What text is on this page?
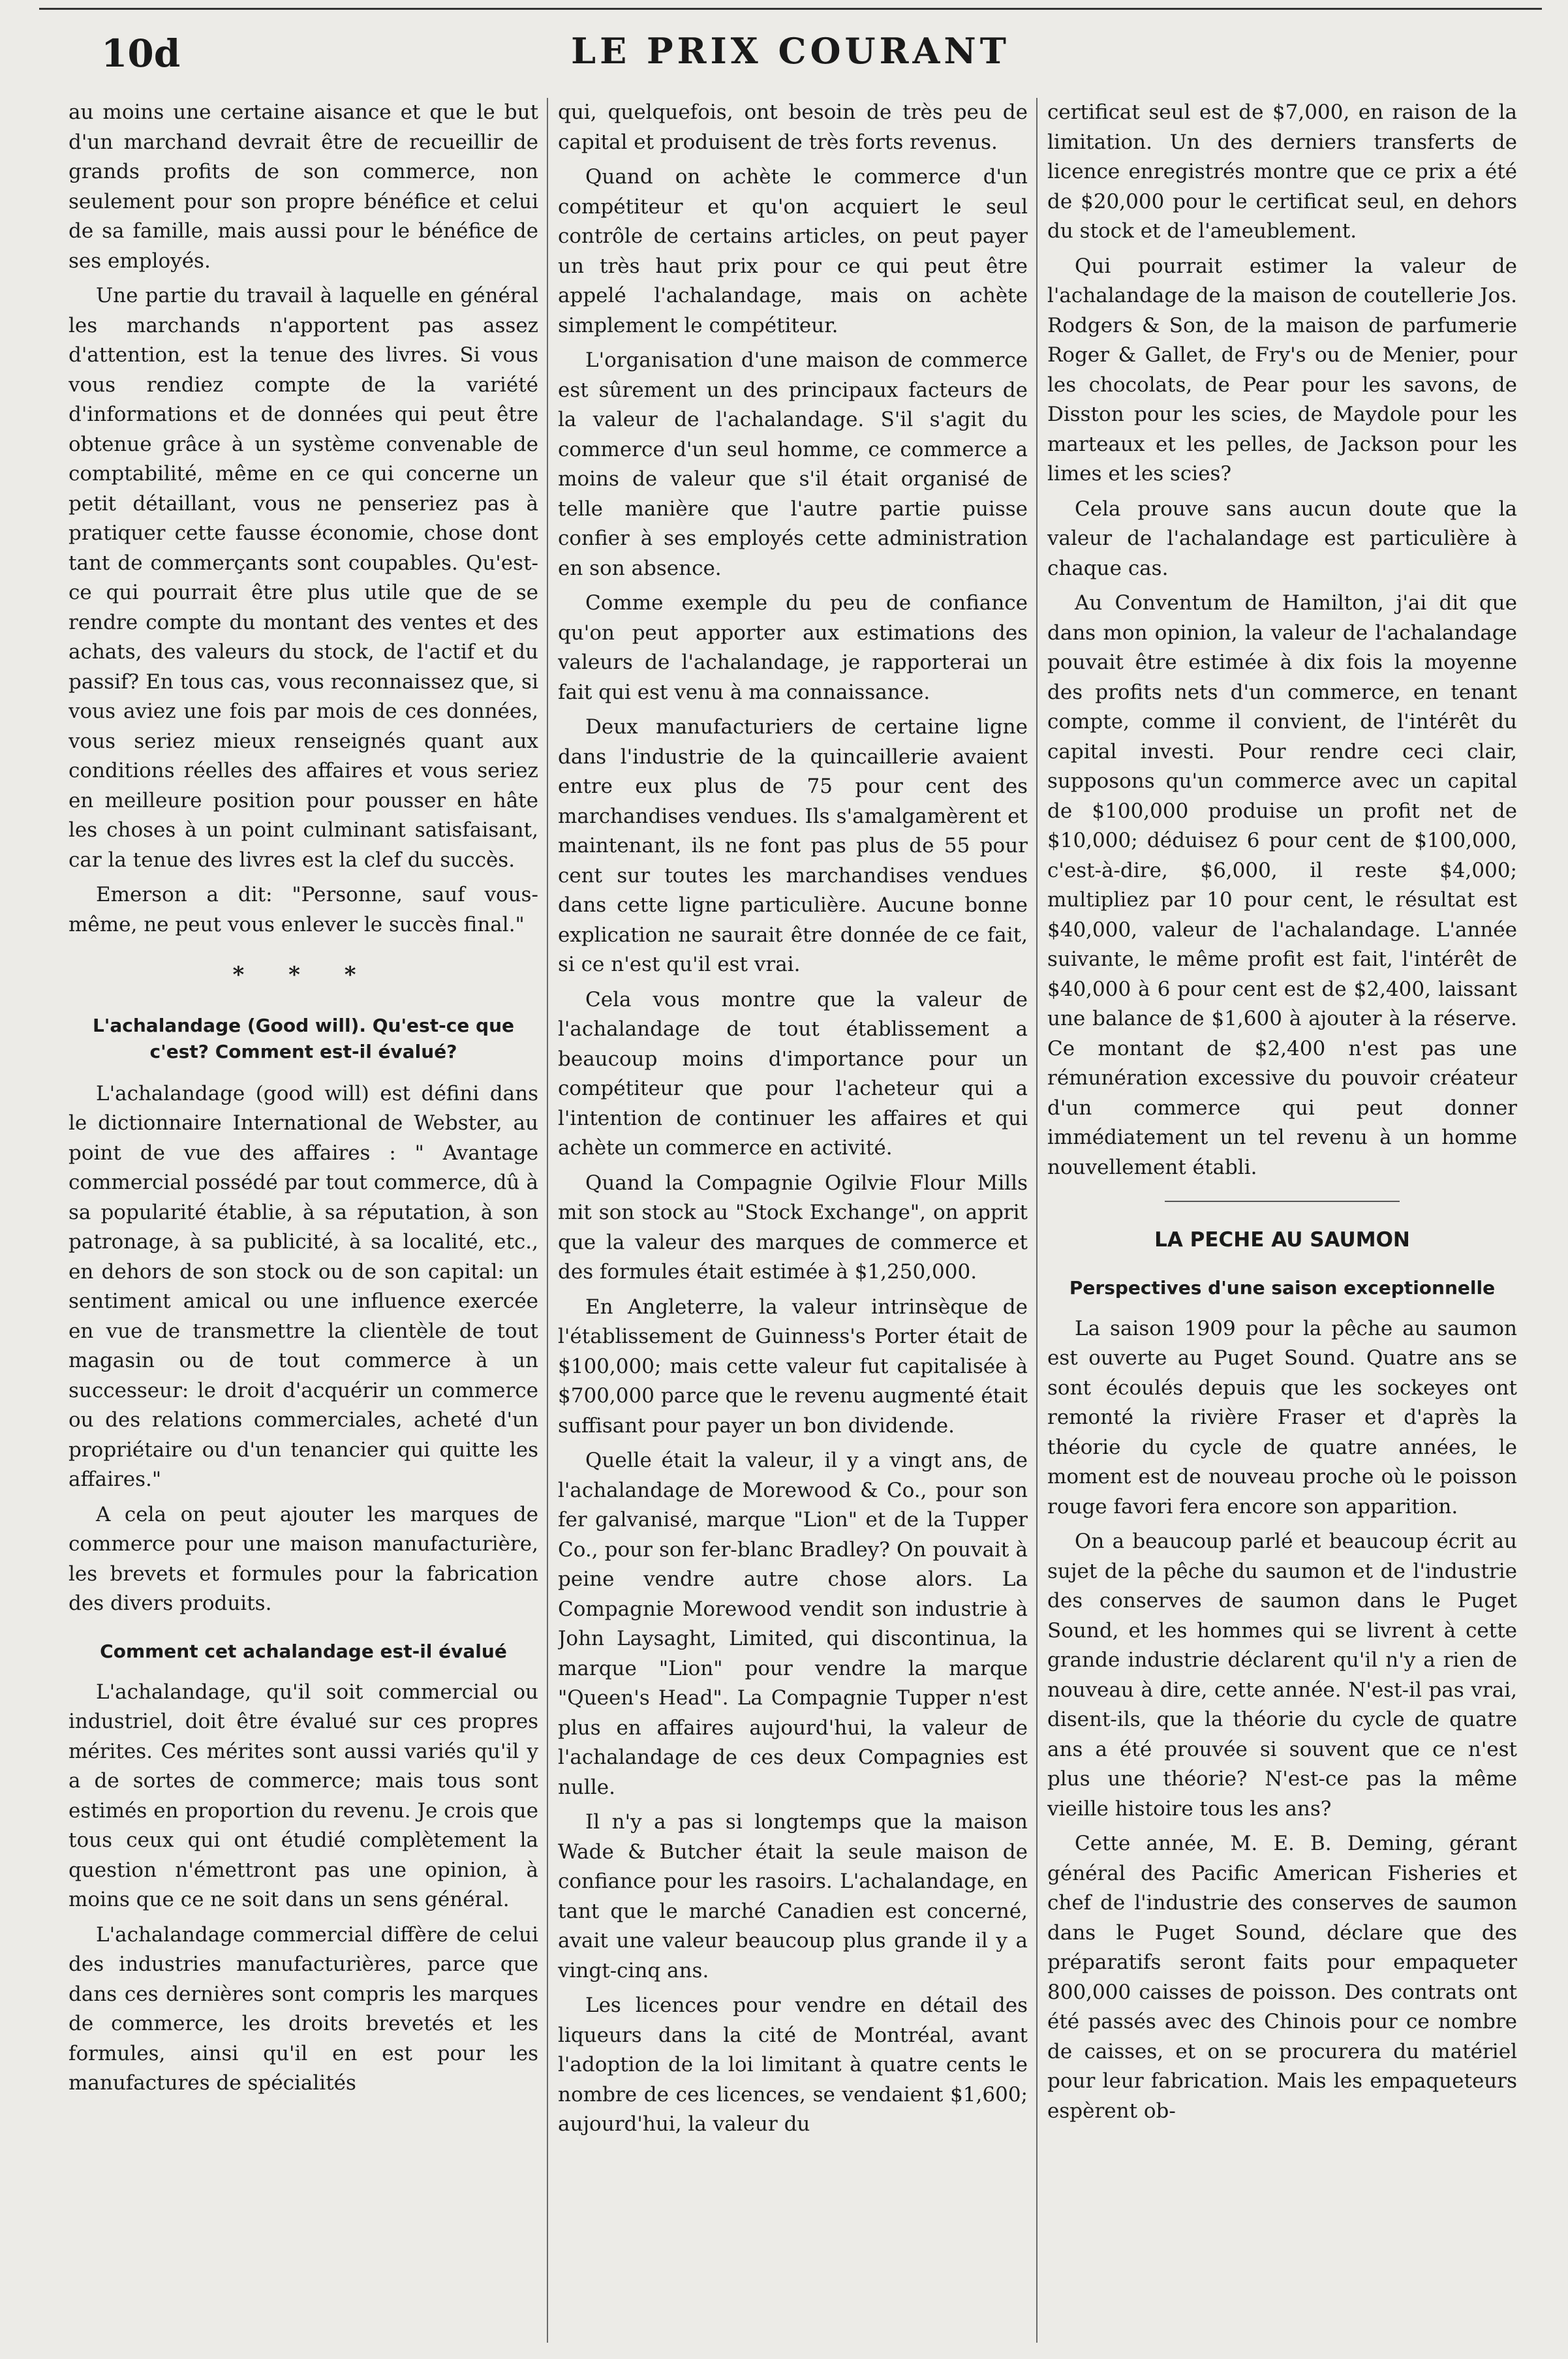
10d	LE PRIX COURANT

au moins une certaine aisance et que le but d'un marchand devrait être de recueillir de grands profits de son commerce, non seulement pour son propre bénéfice et celui de sa famille, mais aussi pour le bénéfice de ses employés.

Une partie du travail à laquelle en général les marchands n'apportent pas assez d'attention, est la tenue des livres. Si vous vous rendiez compte de la variété d'informations et de données qui peut être obtenue grâce à un système convenable de comptabilité, même en ce qui concerne un petit détaillant, vous ne penseriez pas à pratiquer cette fausse économie, chose dont tant de commerçants sont coupables. Qu'est-ce qui pourrait être plus utile que de se rendre compte du montant des ventes et des achats, des valeurs du stock, de l'actif et du passif? En tous cas, vous reconnaissez que, si vous aviez une fois par mois de ces données, vous seriez mieux renseignés quant aux conditions réelles des affaires et vous seriez en meilleure position pour pousser en hâte les choses à un point culminant satisfaisant, car la tenue des livres est la clef du succès.

Emerson a dit: "Personne, sauf vous-même, ne peut vous enlever le succès final."

* * *
L'achalandage (Good will). Qu'est-ce que c'est? Comment est-il évalué?

L'achalandage (good will) est défini dans le dictionnaire International de Webster, au point de vue des affaires : " Avantage commercial possédé par tout commerce, dû à sa popularité établie, à sa réputation, à son patronage, à sa publicité, à sa localité, etc., en dehors de son stock ou de son capital: un sentiment amical ou une influence exercée en vue de transmettre la clientèle de tout magasin ou de tout commerce à un successeur: le droit d'acquérir un commerce ou des relations commerciales, acheté d'un propriétaire ou d'un tenancier qui quitte les affaires."

A cela on peut ajouter les marques de commerce pour une maison manufacturière, les brevets et formules pour la fabrication des divers produits.

Comment cet achalandage est-il évalué

L'achalandage, qu'il soit commercial ou industriel, doit être évalué sur ces propres mérites. Ces mérites sont aussi variés qu'il y a de sortes de commerce; mais tous sont estimés en proportion du revenu. Je crois que tous ceux qui ont étudié complètement la question n'émettront pas une opinion, à moins que ce ne soit dans un sens général.

L'achalandage commercial diffère de celui des industries manufacturières, parce que dans ces dernières sont compris les marques de commerce, les droits brevetés et les formules, ainsi qu'il en est pour les manufactures de spécialités

qui, quelquefois, ont besoin de très peu de capital et produisent de très forts revenus.

Quand on achète le commerce d'un compétiteur et qu'on acquiert le seul contrôle de certains articles, on peut payer un très haut prix pour ce qui peut être appelé l'achalandage, mais on achète simplement le compétiteur.

L'organisation d'une maison de commerce est sûrement un des principaux facteurs de la valeur de l'achalandage. S'il s'agit du commerce d'un seul homme, ce commerce a moins de valeur que s'il était organisé de telle manière que l'autre partie puisse confier à ses employés cette administration en son absence.

Comme exemple du peu de confiance qu'on peut apporter aux estimations des valeurs de l'achalandage, je rapporterai un fait qui est venu à ma connaissance.

Deux manufacturiers de certaine ligne dans l'industrie de la quincaillerie avaient entre eux plus de 75 pour cent des marchandises vendues. Ils s'amalgamèrent et maintenant, ils ne font pas plus de 55 pour cent sur toutes les marchandises vendues dans cette ligne particulière. Aucune bonne explication ne saurait être donnée de ce fait, si ce n'est qu'il est vrai.

Cela vous montre que la valeur de l'achalandage de tout établissement a beaucoup moins d'importance pour un compétiteur que pour l'acheteur qui a l'intention de continuer les affaires et qui achète un commerce en activité.

Quand la Compagnie Ogilvie Flour Mills mit son stock au "Stock Exchange", on apprit que la valeur des marques de commerce et des formules était estimée à $1,250,000.

En Angleterre, la valeur intrinsèque de l'établissement de Guinness's Porter était de $100,000; mais cette valeur fut capitalisée à $700,000 parce que le revenu augmenté était suffisant pour payer un bon dividende.

Quelle était la valeur, il y a vingt ans, de l'achalandage de Morewood & Co., pour son fer galvanisé, marque "Lion" et de la Tupper Co., pour son fer-blanc Bradley? On pouvait à peine vendre autre chose alors. La Compagnie Morewood vendit son industrie à John Laysaght, Limited, qui discontinua, la marque "Lion" pour vendre la marque "Queen's Head". La Compagnie Tupper n'est plus en affaires aujourd'hui, la valeur de l'achalandage de ces deux Compagnies est nulle.

Il n'y a pas si longtemps que la maison Wade & Butcher était la seule maison de confiance pour les rasoirs. L'achalandage, en tant que le marché Canadien est concerné, avait une valeur beaucoup plus grande il y a vingt-cinq ans.

Les licences pour vendre en détail des liqueurs dans la cité de Montréal, avant l'adoption de la loi limitant à quatre cents le nombre de ces licences, se vendaient $1,600; aujourd'hui, la valeur du

certificat seul est de $7,000, en raison de la limitation. Un des derniers transferts de licence enregistrés montre que ce prix a été de $20,000 pour le certificat seul, en dehors du stock et de l'ameublement.

Qui pourrait estimer la valeur de l'achalandage de la maison de coutellerie Jos. Rodgers & Son, de la maison de parfumerie Roger & Gallet, de Fry's ou de Menier, pour les chocolats, de Pear pour les savons, de Disston pour les scies, de Maydole pour les marteaux et les pelles, de Jackson pour les limes et les scies?

Cela prouve sans aucun doute que la valeur de l'achalandage est particulière à chaque cas.

Au Conventum de Hamilton, j'ai dit que dans mon opinion, la valeur de l'achalandage pouvait être estimée à dix fois la moyenne des profits nets d'un commerce, en tenant compte, comme il convient, de l'intérêt du capital investi. Pour rendre ceci clair, supposons qu'un commerce avec un capital de $100,000 produise un profit net de $10,000; déduisez 6 pour cent de $100,000, c'est-à-dire, $6,000, il reste $4,000; multipliez par 10 pour cent, le résultat est $40,000, valeur de l'achalandage. L'année suivante, le même profit est fait, l'intérêt de $40,000 à 6 pour cent est de $2,400, laissant une balance de $1,600 à ajouter à la réserve. Ce montant de $2,400 n'est pas une rémunération excessive du pouvoir créateur d'un commerce qui peut donner immédiatement un tel revenu à un homme nouvellement établi.

LA PECHE AU SAUMON
Perspectives d'une saison exceptionnelle

La saison 1909 pour la pêche au saumon est ouverte au Puget Sound. Quatre ans se sont écoulés depuis que les sockeyes ont remonté la rivière Fraser et d'après la théorie du cycle de quatre années, le moment est de nouveau proche où le poisson rouge favori fera encore son apparition.

On a beaucoup parlé et beaucoup écrit au sujet de la pêche du saumon et de l'industrie des conserves de saumon dans le Puget Sound, et les hommes qui se livrent à cette grande industrie déclarent qu'il n'y a rien de nouveau à dire, cette année. N'est-il pas vrai, disent-ils, que la théorie du cycle de quatre ans a été prouvée si souvent que ce n'est plus une théorie? N'est-ce pas la même vieille histoire tous les ans?

Cette année, M. E. B. Deming, gérant général des Pacific American Fisheries et chef de l'industrie des conserves de saumon dans le Puget Sound, déclare que des préparatifs seront faits pour empaqueter 800,000 caisses de poisson. Des contrats ont été passés avec des Chinois pour ce nombre de caisses, et on se procurera du matériel pour leur fabrication. Mais les empaqueteurs espèrent ob-
